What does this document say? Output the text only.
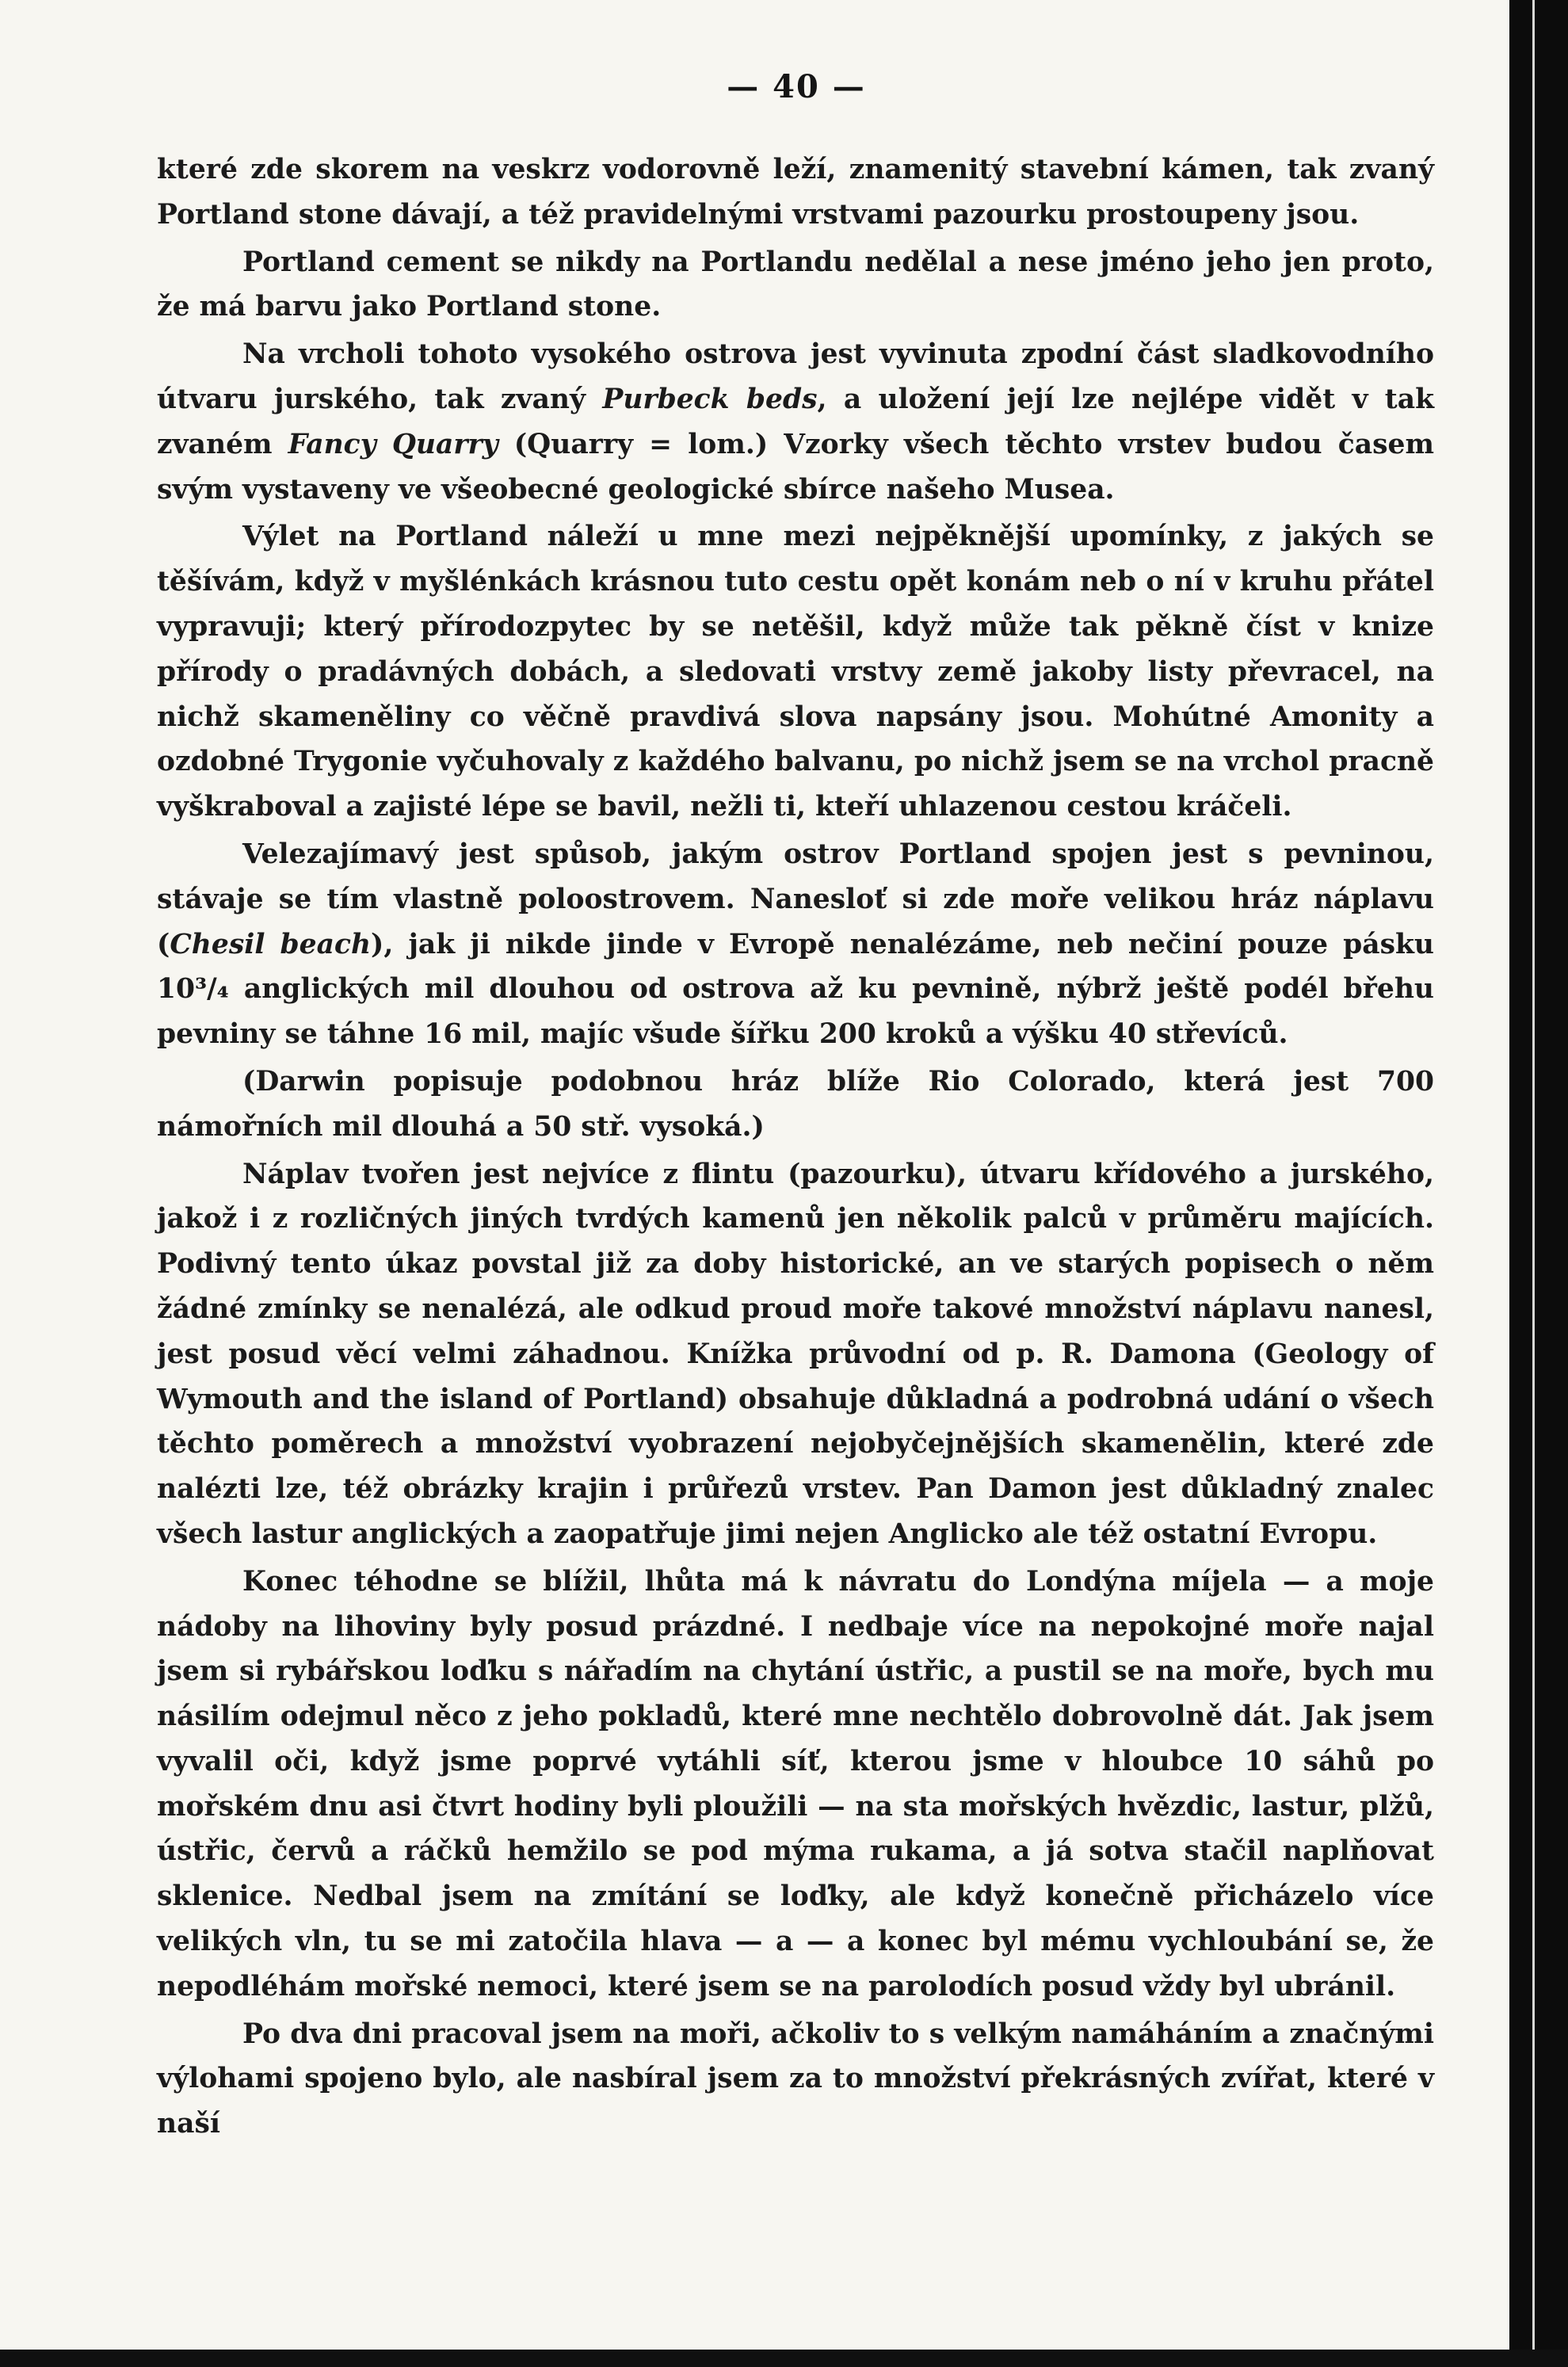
— 40 —

které zde skorem na veskrz vodorovně leží, znamenitý stavební kámen, tak zvaný Portland stone dávají, a též pravidelnými vrstvami pazourku prostoupeny jsou.

Portland cement se nikdy na Portlandu nedělal a nese jméno jeho jen proto, že má barvu jako Portland stone.

Na vrcholi tohoto vysokého ostrova jest vyvinuta zpodní část sladkovodního útvaru jurského, tak zvaný Purbeck beds, a uložení její lze nejlépe vidět v tak zvaném Fancy Quarry (Quarry = lom.) Vzorky všech těchto vrstev budou časem svým vystaveny ve všeobecné geologické sbírce našeho Musea.

Výlet na Portland náleží u mne mezi nejpěknější upomínky, z jakých se těšívám, když v myšlénkách krásnou tuto cestu opět konám neb o ní v kruhu přátel vypravuji; který přírodozpytec by se netěšil, když může tak pěkně číst v knize přírody o pradávných dobách, a sledovati vrstvy země jakoby listy převracel, na nichž skameněliny co věčně pravdivá slova napsány jsou. Mohútné Amonity a ozdobné Trygonie vyčuhovaly z každého balvanu, po nichž jsem se na vrchol pracně vyškraboval a zajisté lépe se bavil, nežli ti, kteří uhlazenou cestou kráčeli.

Velezajímavý jest spůsob, jakým ostrov Portland spojen jest s pevninou, stávaje se tím vlastně poloostrovem. Nanesloť si zde moře velikou hráz náplavu (Chesil beach), jak ji nikde jinde v Evropě nenalézáme, neb nečiní pouze pásku 10³/₄ anglických mil dlouhou od ostrova až ku pevnině, nýbrž ještě podél břehu pevniny se táhne 16 mil, majíc všude šířku 200 kroků a výšku 40 střevíců.

(Darwin popisuje podobnou hráz blíže Rio Colorado, která jest 700 námořních mil dlouhá a 50 stř. vysoká.)

Náplav tvořen jest nejvíce z flintu (pazourku), útvaru křídového a jurského, jakož i z rozličných jiných tvrdých kamenů jen několik palců v průměru majících. Podivný tento úkaz povstal již za doby historické, an ve starých popisech o něm žádné zmínky se nenalézá, ale odkud proud moře takové množství náplavu nanesl, jest posud věcí velmi záhadnou. Knížka průvodní od p. R. Damona (Geology of Wymouth and the island of Portland) obsahuje důkladná a podrobná udání o všech těchto poměrech a množství vyobrazení nejobyčejnějších skamenělin, které zde nalézti lze, též obrázky krajin i průřezů vrstev. Pan Damon jest důkladný znalec všech lastur anglických a zaopatřuje jimi nejen Anglicko ale též ostatní Evropu.

Konec téhodne se blížil, lhůta má k návratu do Londýna míjela — a moje nádoby na lihoviny byly posud prázdné. I nedbaje více na nepokojné moře najal jsem si rybářskou loďku s nářadím na chytání ústřic, a pustil se na moře, bych mu násilím odejmul něco z jeho pokladů, které mne nechtělo dobrovolně dát. Jak jsem vyvalil oči, když jsme poprvé vytáhli síť, kterou jsme v hloubce 10 sáhů po mořském dnu asi čtvrt hodiny byli ploužili — na sta mořských hvězdic, lastur, plžů, ústřic, červů a ráčků hemžilo se pod mýma rukama, a já sotva stačil naplňovat sklenice. Nedbal jsem na zmítání se loďky, ale když konečně přicházelo více velikých vln, tu se mi zatočila hlava — a — a konec byl mému vychloubání se, že nepodléhám mořské nemoci, které jsem se na parolodích posud vždy byl ubránil.

Po dva dni pracoval jsem na moři, ačkoliv to s velkým namáháním a značnými výlohami spojeno bylo, ale nasbíral jsem za to množství překrásných zvířat, které v naší
